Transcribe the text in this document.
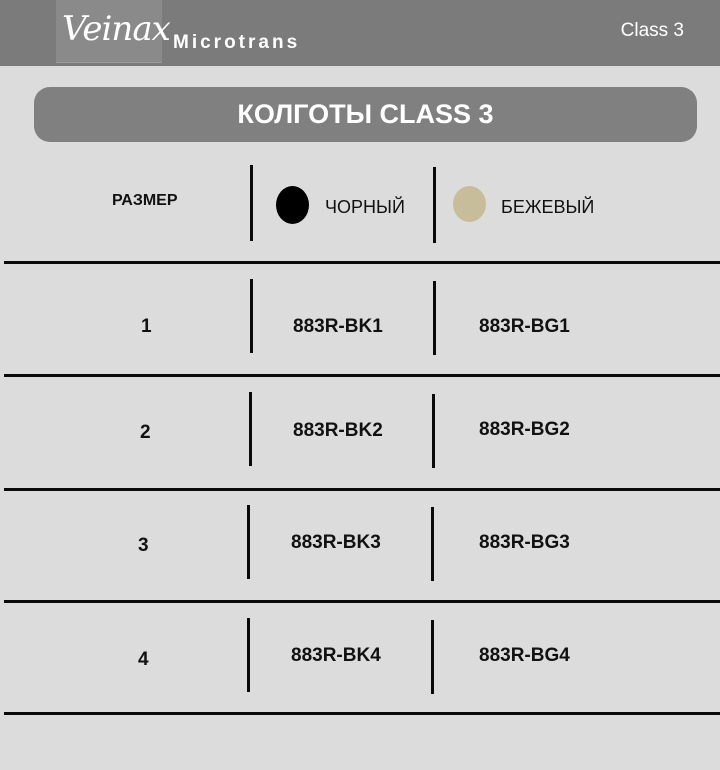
Veinax Microtrans
Class 3
КОЛГОТЫ CLASS 3
РАЗМЕР	ЧОРНЫЙ	БЕЖЕВЫЙ
1	883R-BK1	883R-BG1
2	883R-BK2	883R-BG2
3	883R-BK3	883R-BG3
4	883R-BK4	883R-BG4
